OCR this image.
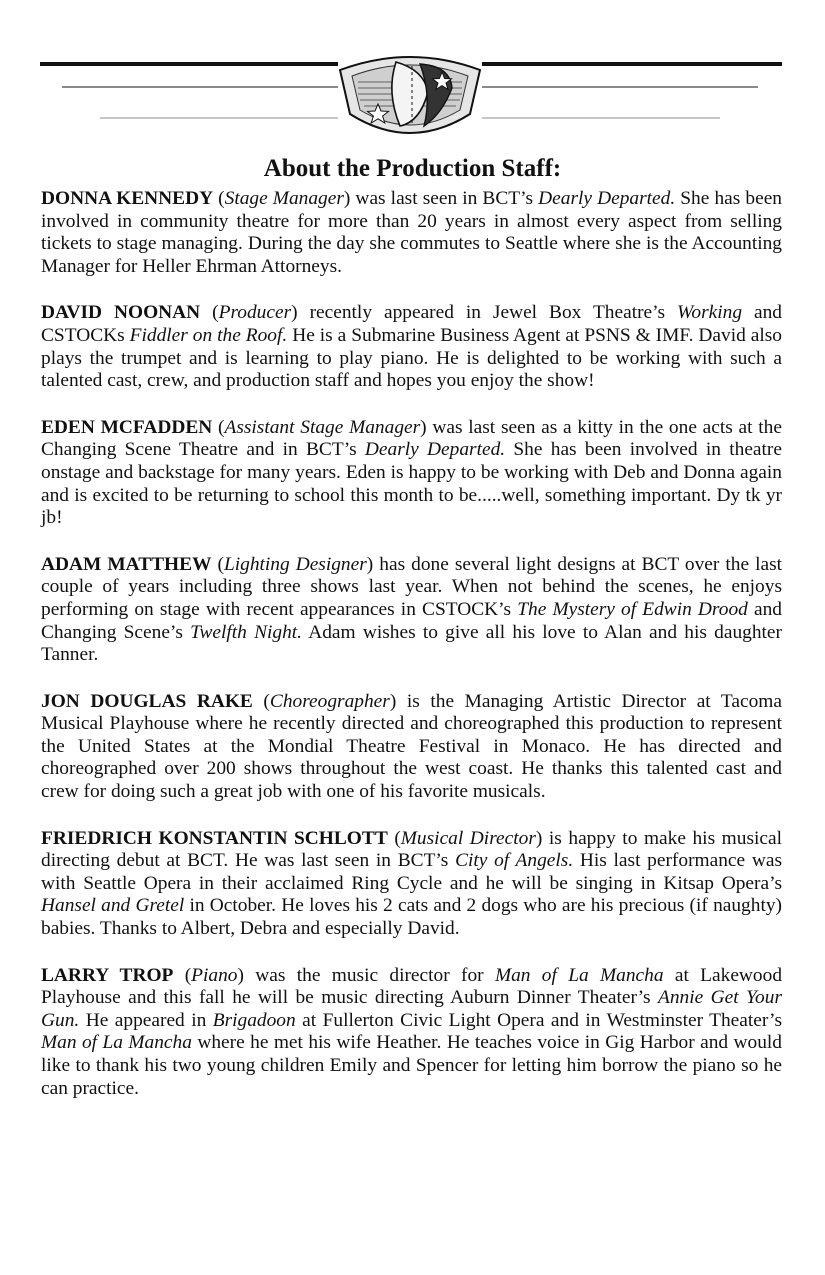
About the Production Staff:

DONNA KENNEDY (Stage Manager) was last seen in BCT’s Dearly Departed. She has been involved in community theatre for more than 20 years in almost every aspect from selling tickets to stage managing. During the day she commutes to Seattle where she is the Accounting Manager for Heller Ehrman Attorneys.

DAVID NOONAN (Producer) recently appeared in Jewel Box Theatre’s Working and CSTOCKs Fiddler on the Roof. He is a Submarine Business Agent at PSNS & IMF. David also plays the trumpet and is learning to play piano. He is delighted to be working with such a talented cast, crew, and production staff and hopes you enjoy the show!

EDEN MCFADDEN (Assistant Stage Manager) was last seen as a kitty in the one acts at the Changing Scene Theatre and in BCT’s Dearly Departed. She has been involved in theatre onstage and backstage for many years. Eden is happy to be working with Deb and Donna again and is excited to be returning to school this month to be.....well, something important. Dy tk yr jb!

ADAM MATTHEW (Lighting Designer) has done several light designs at BCT over the last couple of years including three shows last year. When not behind the scenes, he enjoys performing on stage with recent appearances in CSTOCK’s The Mystery of Edwin Drood and Changing Scene’s Twelfth Night. Adam wishes to give all his love to Alan and his daughter Tanner.

JON DOUGLAS RAKE (Choreographer) is the Managing Artistic Director at Tacoma Musical Playhouse where he recently directed and choreographed this production to represent the United States at the Mondial Theatre Festival in Monaco. He has directed and choreographed over 200 shows throughout the west coast. He thanks this talented cast and crew for doing such a great job with one of his favorite musicals.

FRIEDRICH KONSTANTIN SCHLOTT (Musical Director) is happy to make his musical directing debut at BCT. He was last seen in BCT’s City of Angels. His last performance was with Seattle Opera in their acclaimed Ring Cycle and he will be singing in Kitsap Opera’s Hansel and Gretel in October. He loves his 2 cats and 2 dogs who are his precious (if naughty) babies. Thanks to Albert, Debra and especially David.

LARRY TROP (Piano) was the music director for Man of La Mancha at Lakewood Playhouse and this fall he will be music directing Auburn Dinner Theater’s Annie Get Your Gun. He appeared in Brigadoon at Fullerton Civic Light Opera and in Westminster Theater’s Man of La Mancha where he met his wife Heather. He teaches voice in Gig Harbor and would like to thank his two young children Emily and Spencer for letting him borrow the piano so he can practice.
